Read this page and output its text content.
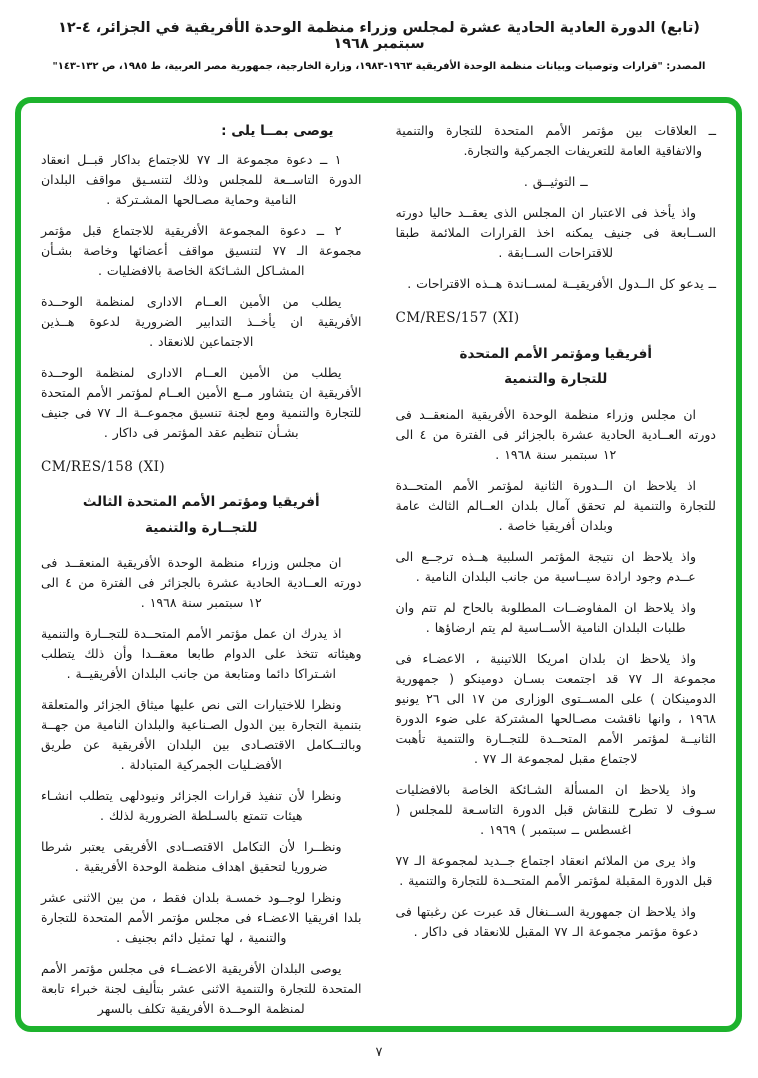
(تابع) الدورة العادية الحادية عشرة لمجلس وزراء منظمة الوحدة الأفريقية في الجزائر، ٤-١٢ سبتمبر ١٩٦٨
المصدر: "قرارات وتوصيات وبيانات منظمة الوحدة الأفريقية ١٩٦٣-١٩٨٣، وزارة الخارجية، جمهورية مصر العربية، ط ١٩٨٥، ص ١٣٢-١٤٣"
ــ العلاقات بين مؤتمر الأمم المتحدة للتجارة والتنمية والاتفاقية العامة للتعريفات الجمركية والتجارة.
ــ التوثيــق .
واذ يأخذ فى الاعتبار ان المجلس الذى يعقــد حاليا دورته الســابعة فى جنيف يمكنه اخذ القرارات الملائمة طبقا للاقتراحات الســابقة .
ــ يدعو كل الــدول الأفريقيــة لمســاندة هــذه الاقتراحات .
CM/RES/157 (XI)
أفريقيا ومؤتمر الأمم المتحدة
للتجارة والتنمية
ان مجلس وزراء منظمة الوحدة الأفريقية المنعقــد فى دورته العــادية الحادية عشرة بالجزائر فى الفترة من ٤ الى ١٢ سبتمبر سنة ١٩٦٨ .
اذ يلاحظ ان الــدورة الثانية لمؤتمر الأمم المتحــدة للتجارة والتنمية لم تحقق آمال بلدان العــالم الثالث عامة وبلدان أفريقيا خاصة .
واذ يلاحظ ان نتيجة المؤتمر السلبية هــذه ترجــع الى عــدم وجود ارادة سيــاسية من جانب البلدان النامية .
واذ يلاحظ ان المفاوضــات المطلوبة بالحاح لم تتم وان طلبات البلدان النامية الأســاسية لم يتم ارضاؤها .
واذ يلاحظ ان بلدان امريكا اللاتينية ، الاعضـاء فى مجموعة الـ ٧٧ قد اجتمعت بسـان دومينكو ( جمهورية الدومينكان ) على المســتوى الوزارى من ١٧ الى ٢٦ يونيو ١٩٦٨ ، وانها ناقشت مصـالحها المشتركة على ضوء الدورة الثانيــة لمؤتمر الأمم المتحــدة للتجــارة والتنمية تأهبت لاجتماع مقبل لمجموعة الـ ٧٧ .
واذ يلاحظ ان المسألة الشـائكة الخاصة بالافضليات سـوف لا تطرح للنقاش قبل الدورة التاسـعة للمجلس ( اغسطس ــ سبتمبر ) ١٩٦٩ .
واذ يرى من الملائم انعقاد اجتماع جــديد لمجموعة الـ ٧٧ قبل الدورة المقبلة لمؤتمر الأمم المتحــدة للتجارة والتنمية .
واذ يلاحظ ان جمهورية الســنغال قد عبرت عن رغبتها فى دعوة مؤتمر مجموعة الـ ٧٧ المقبل للانعقاد فى داكار .
يوصى بمــا يلى :
١ ــ دعوة مجموعة الـ ٧٧ للاجتماع بداكار قبــل انعقاد الدورة التاســعة للمجلس وذلك لتنسـيق مواقف البلدان النامية وحماية مصـالحها المشـتركة .
٢ ــ دعوة المجموعة الأفريقية للاجتماع قبل مؤتمر مجموعة الـ ٧٧ لتنسيق مواقف أعضائها وخاصة بشـأن المشـاكل الشـائكة الخاصة بالافضليات .
يطلب من الأمين العــام الادارى لمنظمة الوحــدة الأفريقية ان يأخــذ التدابير الضرورية لدعوة هــذين الاجتماعين للانعقاد .
يطلب من الأمين العــام الادارى لمنظمة الوحــدة الأفريقية ان يتشاور مــع الأمين العــام لمؤتمر الأمم المتحدة للتجارة والتنمية ومع لجنة تنسيق مجموعــة الـ ٧٧ فى جنيف بشـأن تنظيم عقد المؤتمر فى داكار .
CM/RES/158 (XI)
أفريقيا ومؤتمر الأمم المتحدة الثالث
للتجــارة والتنمية
ان مجلس وزراء منظمة الوحدة الأفريقية المنعقــد فى دورته العــادية الحادية عشرة بالجزائر فى الفترة من ٤ الى ١٢ سبتمبر سنة ١٩٦٨ .
اذ يدرك ان عمل مؤتمر الأمم المتحــدة للتجــارة والتنمية وهيئاته تتخذ على الدوام طابعا معقــدا وأن ذلك يتطلب اشـتراكا دائما ومتابعة من جانب البلدان الأفريقيــة .
ونظرا للاختيارات التى نص عليها ميثاق الجزائر والمتعلقة بتنمية التجارة بين الدول الصـناعية والبلدان النامية من جهــة وبالتــكامل الاقتصـادى بين البلدان الأفريقية عن طريق الأفضـليات الجمركية المتبادلة .
ونظرا لأن تنفيذ قرارات الجزائر ونيودلهى يتطلب انشـاء هيئات تتمتع بالسـلطة الضرورية لذلك .
ونظــرا لأن التكامل الاقتصــادى الأفريقى يعتبر شرطا ضروريا لتحقيق اهداف منظمة الوحدة الأفريقية .
ونظرا لوجــود خمسـة بلدان فقط ، من بين الاثنى عشر بلدا افريقيا الاعضـاء فى مجلس مؤتمر الأمم المتحدة للتجارة والتنمية ، لها تمثيل دائم بجنيف .
يوصى البلدان الأفريقية الاعضــاء فى مجلس مؤتمر الأمم المتحدة للتجارة والتنمية الاثنى عشر بتأليف لجنة خبراء تابعة لمنظمة الوحــدة الأفريقية تكلف بالسهر
٧
